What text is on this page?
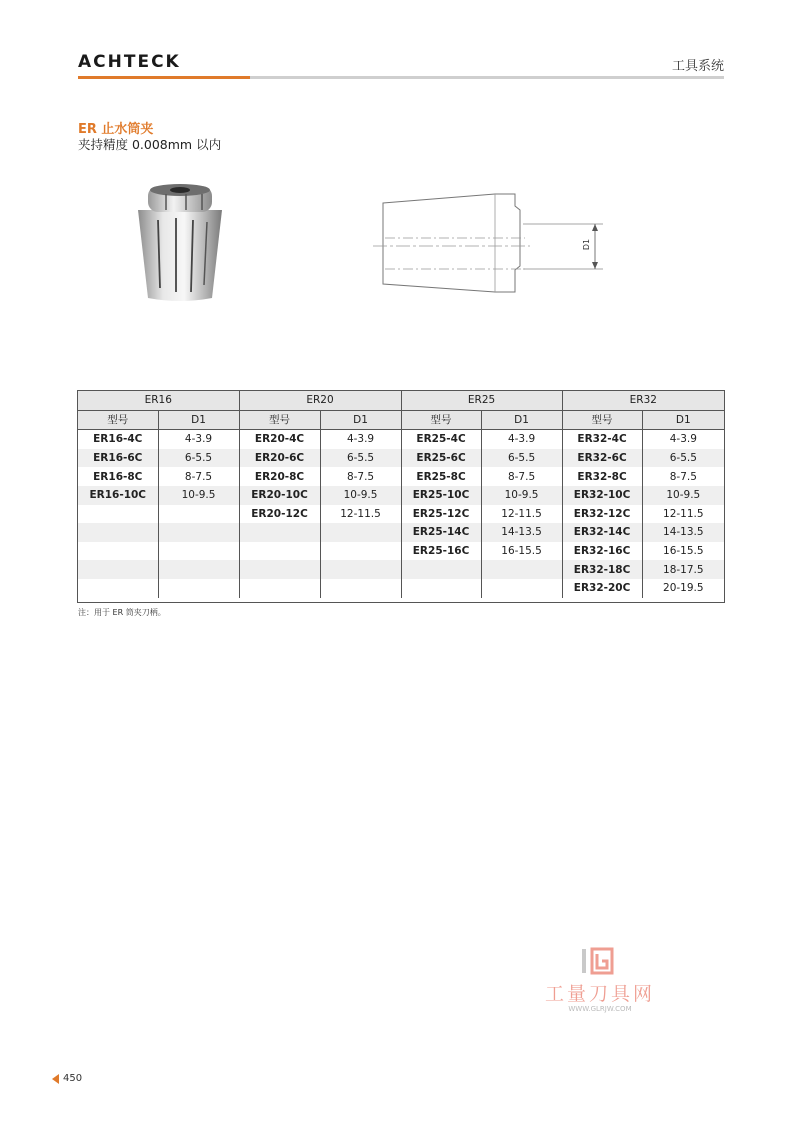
ACHTECK	工具系统
ER 止水筒夹
夹持精度 0.008mm 以内
D1
ER16		ER20		ER25		ER32	
型号	D1	型号	D1	型号	D1	型号	D1
ER16-4C	4-3.9	ER20-4C	4-3.9	ER25-4C	4-3.9	ER32-4C	4-3.9
ER16-6C	6-5.5	ER20-6C	6-5.5	ER25-6C	6-5.5	ER32-6C	6-5.5
ER16-8C	8-7.5	ER20-8C	8-7.5	ER25-8C	8-7.5	ER32-8C	8-7.5
ER16-10C	10-9.5	ER20-10C	10-9.5	ER25-10C	10-9.5	ER32-10C	10-9.5
		ER20-12C	12-11.5	ER25-12C	12-11.5	ER32-12C	12-11.5
				ER25-14C	14-13.5	ER32-14C	14-13.5
				ER25-16C	16-15.5	ER32-16C	16-15.5
						ER32-18C	18-17.5
						ER32-20C	20-19.5
注：用于 ER 筒夹刀柄。
工量刀具网
WWW.GLRJW.COM
450
